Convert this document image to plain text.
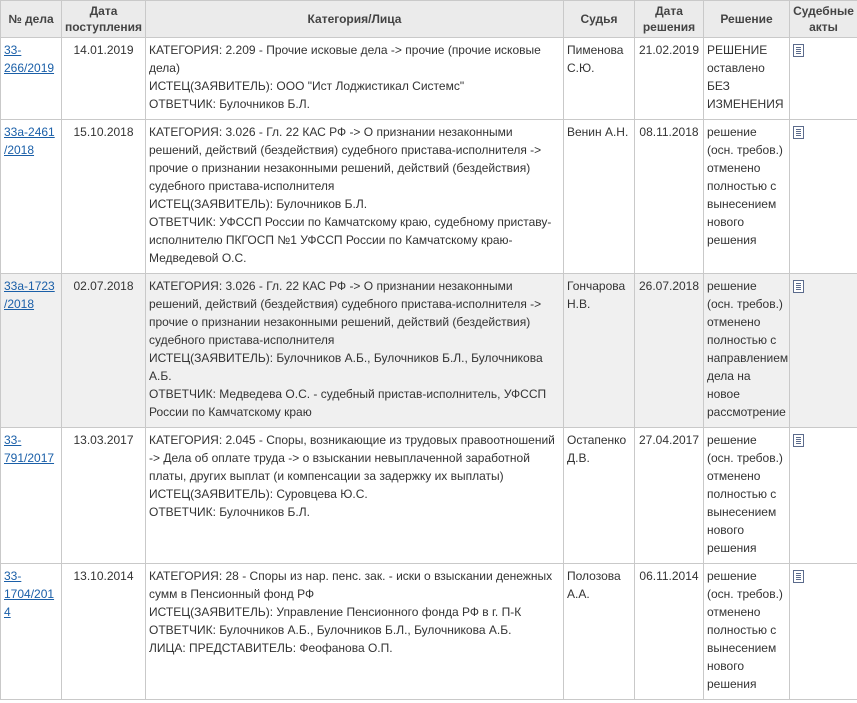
№ дела	Дата поступления	Категория/Лица	Судья	Дата решения	Решение	Судебные акты
33-266/2019	14.01.2019	КАТЕГОРИЯ: 2.209 - Прочие исковые дела -> прочие (прочие исковые дела)
ИСТЕЦ(ЗАЯВИТЕЛЬ): ООО "Ист Лоджистикал Системс"
ОТВЕТЧИК: Булочников Б.Л.	Пименова С.Ю.	21.02.2019	РЕШЕНИЕ оставлено БЕЗ ИЗМЕНЕНИЯ	
33а-2461/2018	15.10.2018	КАТЕГОРИЯ: 3.026 - Гл. 22 КАС РФ -> О признании незаконными решений, действий (бездействия) судебного пристава-исполнителя -> прочие о признании незаконными решений, действий (бездействия) судебного пристава-исполнителя
ИСТЕЦ(ЗАЯВИТЕЛЬ): Булочников Б.Л.
ОТВЕТЧИК: УФССП России по Камчатскому краю, судебному приставу-исполнителю ПКГОСП №1 УФССП России по Камчатскому краю-Медведевой О.С.	Венин А.Н.	08.11.2018	решение (осн. требов.) отменено полностью с вынесением нового решения	
33а-1723/2018	02.07.2018	КАТЕГОРИЯ: 3.026 - Гл. 22 КАС РФ -> О признании незаконными решений, действий (бездействия) судебного пристава-исполнителя -> прочие о признании незаконными решений, действий (бездействия) судебного пристава-исполнителя
ИСТЕЦ(ЗАЯВИТЕЛЬ): Булочников А.Б., Булочников Б.Л., Булочникова А.Б.
ОТВЕТЧИК: Медведева О.С. - судебный пристав-исполнитель, УФССП России по Камчатскому краю	Гончарова Н.В.	26.07.2018	решение (осн. требов.) отменено полностью с направлением дела на новое рассмотрение	
33-791/2017	13.03.2017	КАТЕГОРИЯ: 2.045 - Споры, возникающие из трудовых правоотношений -> Дела об оплате труда -> о взыскании невыплаченной заработной платы, других выплат (и компенсации за задержку их выплаты)
ИСТЕЦ(ЗАЯВИТЕЛЬ): Суровцева Ю.С.
ОТВЕТЧИК: Булочников Б.Л.	Остапенко Д.В.	27.04.2017	решение (осн. требов.) отменено полностью с вынесением нового решения	
33-1704/2014	13.10.2014	КАТЕГОРИЯ: 28 - Споры из нар. пенс. зак. - иски о взыскании денежных сумм в Пенсионный фонд РФ
ИСТЕЦ(ЗАЯВИТЕЛЬ): Управление Пенсионного фонда РФ в г. П-К
ОТВЕТЧИК: Булочников А.Б., Булочников Б.Л., Булочникова А.Б.
ЛИЦА: ПРЕДСТАВИТЕЛЬ: Феофанова О.П.	Полозова А.А.	06.11.2014	решение (осн. требов.) отменено полностью с вынесением нового решения	
